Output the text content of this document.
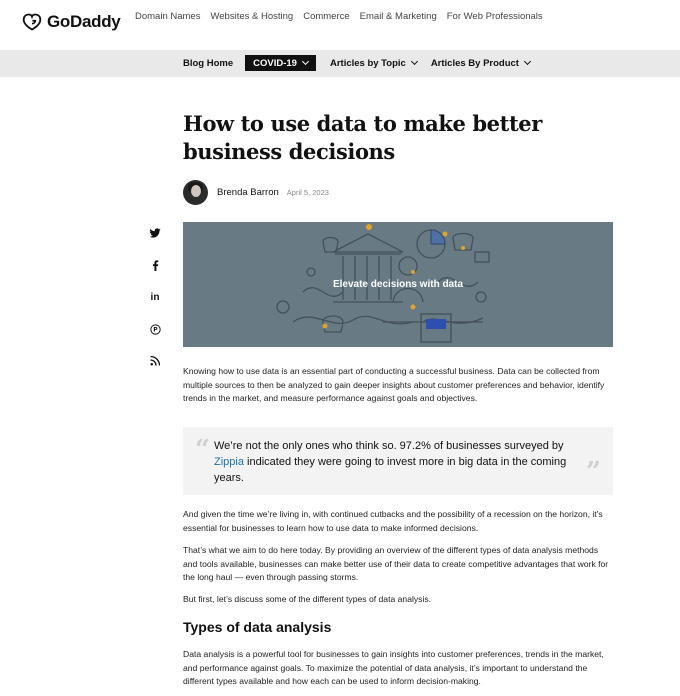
GoDaddy Domain Names Websites & Hosting Commerce Email & Marketing For Web Professionals
Blog Home COVID-19	Articles by Topic	Articles By Product
How to use data to make better business decisions
Brenda Barron April 5, 2023
in
P
Elevate decisions with data

Knowing how to use data is an essential part of conducting a successful business. Data can be collected from multiple sources to then be analyzed to gain deeper insights about customer preferences and behavior, identify trends in the market, and measure performance against goals and objectives.

“ We’re not the only ones who think so. 97.2% of businesses surveyed by Zippia indicated they were going to invest more in big data in the coming years.	”

And given the time we’re living in, with continued cutbacks and the possibility of a recession on the horizon, it’s essential for businesses to learn how to use data to make informed decisions.

That’s what we aim to do here today. By providing an overview of the different types of data analysis methods and tools available, businesses can make better use of their data to create competitive advantages that work for the long haul — even through passing storms.

But first, let’s discuss some of the different types of data analysis.

Types of data analysis

Data analysis is a powerful tool for businesses to gain insights into customer preferences, trends in the market, and performance against goals. To maximize the potential of data analysis, it’s important to understand the different types available and how each can be used to inform decision-making.
